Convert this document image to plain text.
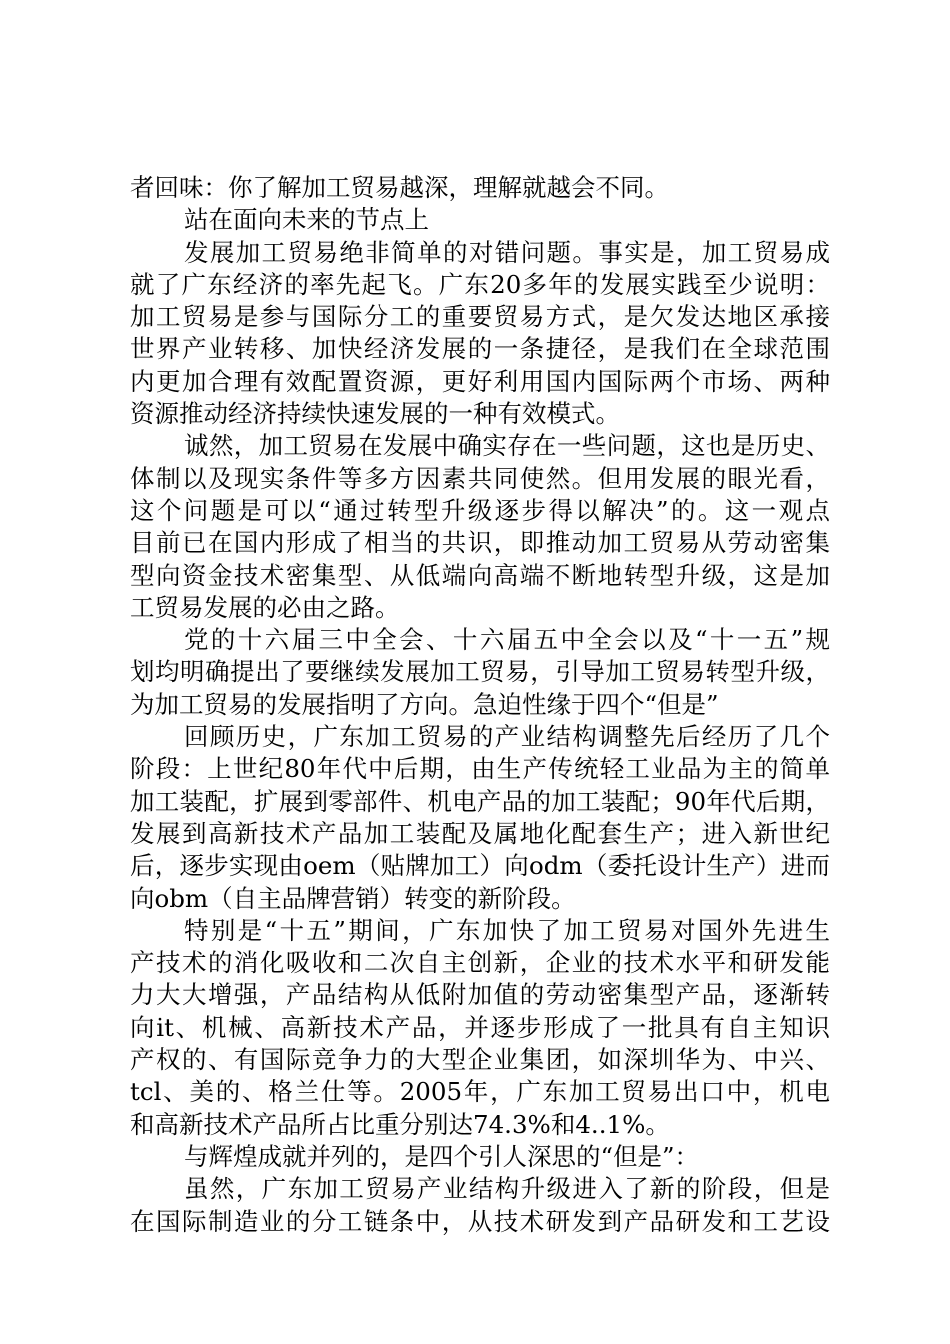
者回味：你了解加工贸易越深，理解就越会不同。
站在面向未来的节点上
发展加工贸易绝非简单的对错问题。事实是，加工贸易成
就了广东经济的率先起飞。广东20多年的发展实践至少说明：
加工贸易是参与国际分工的重要贸易方式，是欠发达地区承接
世界产业转移、加快经济发展的一条捷径，是我们在全球范围
内更加合理有效配置资源，更好利用国内国际两个市场、两种
资源推动经济持续快速发展的一种有效模式。
诚然，加工贸易在发展中确实存在一些问题，这也是历史、
体制以及现实条件等多方因素共同使然。但用发展的眼光看，
这个问题是可以“通过转型升级逐步得以解决”的。这一观点
目前已在国内形成了相当的共识，即推动加工贸易从劳动密集
型向资金技术密集型、从低端向高端不断地转型升级，这是加
工贸易发展的必由之路。
党的十六届三中全会、十六届五中全会以及“十一五”规
划均明确提出了要继续发展加工贸易，引导加工贸易转型升级，
为加工贸易的发展指明了方向。急迫性缘于四个“但是”
回顾历史，广东加工贸易的产业结构调整先后经历了几个
阶段：上世纪80年代中后期，由生产传统轻工业品为主的简单
加工装配，扩展到零部件、机电产品的加工装配；90年代后期，
发展到高新技术产品加工装配及属地化配套生产；进入新世纪
后，逐步实现由oem（贴牌加工）向odm（委托设计生产）进而
向obm（自主品牌营销）转变的新阶段。
特别是“十五”期间，广东加快了加工贸易对国外先进生
产技术的消化吸收和二次自主创新，企业的技术水平和研发能
力大大增强，产品结构从低附加值的劳动密集型产品，逐渐转
向it、机械、高新技术产品，并逐步形成了一批具有自主知识
产权的、有国际竞争力的大型企业集团，如深圳华为、中兴、
tcl、美的、格兰仕等。2005年，广东加工贸易出口中，机电
和高新技术产品所占比重分别达74.3%和4..1%。
与辉煌成就并列的，是四个引人深思的“但是”：
虽然，广东加工贸易产业结构升级进入了新的阶段，但是
在国际制造业的分工链条中，从技术研发到产品研发和工艺设
